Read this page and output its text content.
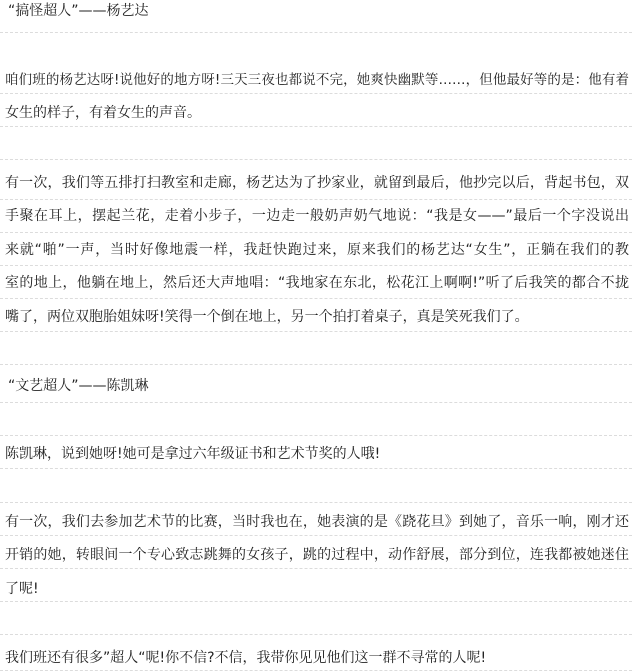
“搞怪超人”——杨艺达
咱们班的杨艺达呀!说他好的地方呀!三天三夜也都说不完，她爽快幽默等……，但他最好等的是：他有着
女生的样子，有着女生的声音。
有一次，我们等五排打扫教室和走廊，杨艺达为了抄家业，就留到最后，他抄完以后，背起书包，双
手聚在耳上，摆起兰花，走着小步子，一边走一般奶声奶气地说：“我是女——”最后一个字没说出
来就“啪”一声，当时好像地震一样，我赶快跑过来，原来我们的杨艺达“女生”，正躺在我们的教
室的地上，他躺在地上，然后还大声地唱：“我地家在东北，松花江上啊啊!”听了后我笑的都合不拢
嘴了，两位双胞胎姐妹呀!笑得一个倒在地上，另一个拍打着桌子，真是笑死我们了。
“文艺超人”——陈凯琳
陈凯琳，说到她呀!她可是拿过六年级证书和艺术节奖的人哦!
有一次，我们去参加艺术节的比赛，当时我也在，她表演的是《跷花旦》到她了，音乐一响，刚才还
开销的她，转眼间一个专心致志跳舞的女孩子，跳的过程中，动作舒展，部分到位，连我都被她迷住
了呢!
我们班还有很多”超人“呢!你不信?不信，我带你见见他们这一群不寻常的人呢!
